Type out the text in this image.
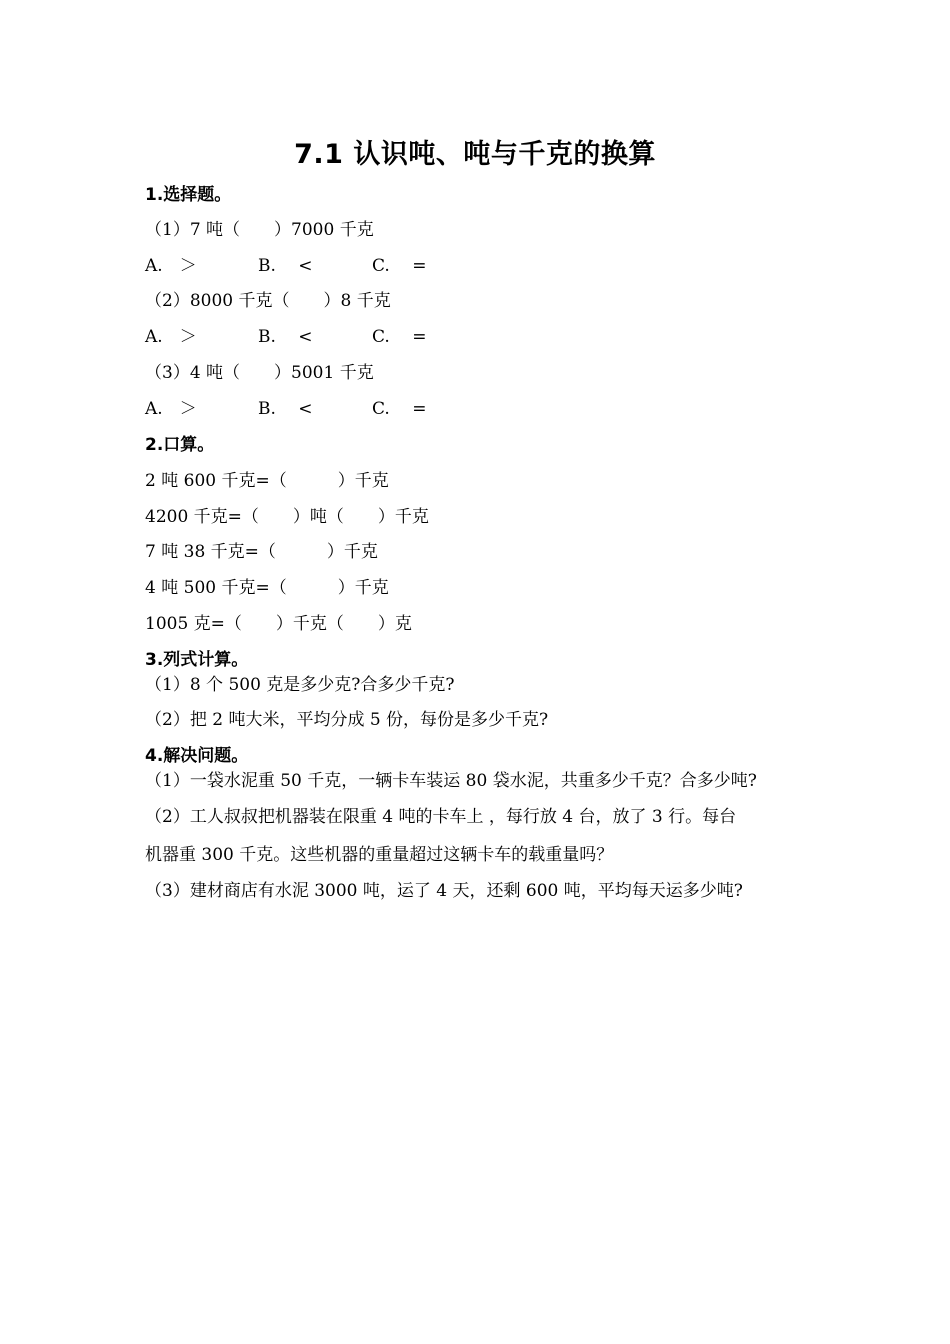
7.1 认识吨、吨与千克的换算
1.选择题。
（1）7 吨（　　）7000 千克
A.　＞	B.　 <	C.　 =
（2）8000 千克（　　）8 千克
A.　＞	B.　 <	C.　 =
（3）4 吨（　　）5001 千克
A.　＞	B.　 <	C.　 =
2.口算。
2 吨 600 千克=（　　　）千克
4200 千克=（　　）吨（　　）千克
7 吨 38 千克=（　　　）千克
4 吨 500 千克=（　　　）千克
1005 克=（　　）千克（　　）克
3.列式计算。
（1）8 个 500 克是多少克?合多少千克?
（2）把 2 吨大米，平均分成 5 份，每份是多少千克?
4.解决问题。
（1）一袋水泥重 50 千克，一辆卡车装运 80 袋水泥，共重多少千克？合多少吨?
（2）工人叔叔把机器装在限重 4 吨的卡车上 ，每行放 4 台，放了 3 行。每台
机器重 300 千克。这些机器的重量超过这辆卡车的载重量吗？
（3）建材商店有水泥 3000 吨，运了 4 天，还剩 600 吨，平均每天运多少吨?
